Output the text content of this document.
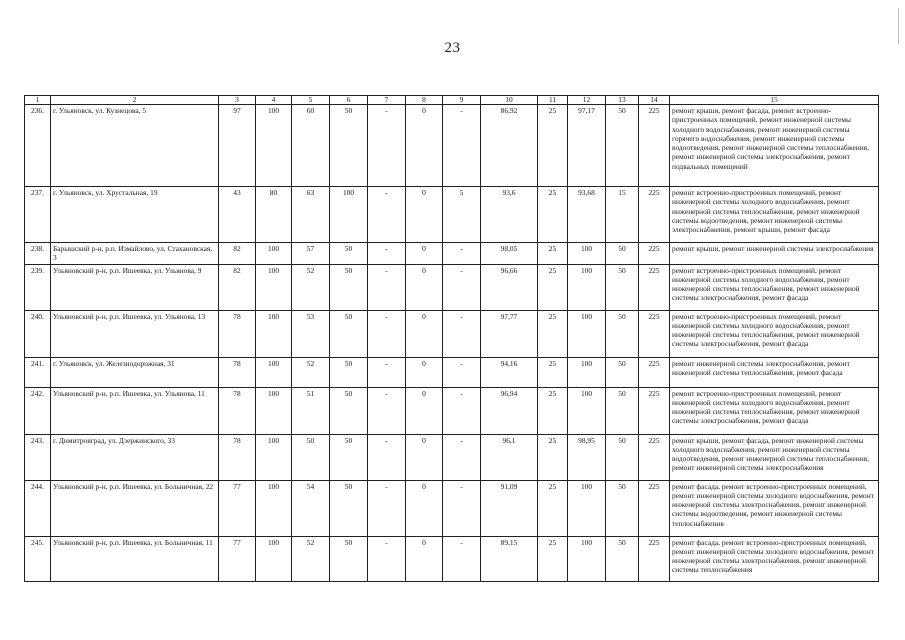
23
1	2	3	4	5	6	7	8	9	10	11	12	13	14	15
236.	г. Ульяновск, ул. Кузнецова, 5	97	100	60	50	-	0	-	86,92	25	97,17	50	225	ремонт крыши, ремонт фасада, ремонт встроенно-пристроенных помещений, ремонт инженерной системы холодного водоснабжения, ремонт инженерной системы горячего водоснабжения, ремонт инженерной системы водоотведения, ремонт инженерной системы теплоснабжения, ремонт инженерной системы электроснабжения, ремонт подвальных помещений
237.	г. Ульяновск, ул. Хрустальная, 19	43	80	63	100	-	0	5	93,6	25	93,68	15	225	ремонт встроенно-пристроенных помещений, ремонт инженерной системы холодного водоснабжения, ремонт инженерной системы теплоснабжения, ремонт инженерной системы водоотведения, ремонт инженерной системы электроснабжения, ремонт крыши, ремонт фасада
238.	Барышский р-н, р.п. Измайлово, ул. Стахановская, 3	82	100	57	50	-	0	-	98,05	25	100	50	225	ремонт крыши, ремонт инженерной системы электроснабжения
239.	Ульяновский р-н, р.п. Ишеевка, ул. Ульянова, 9	82	100	52	50	-	0	-	96,66	25	100	50	225	ремонт встроенно-пристроенных помещений, ремонт инженерной системы холодного водоснабжения, ремонт инженерной системы теплоснабжения, ремонт инженерной системы электроснабжения, ремонт фасада
240.	Ульяновский р-н, р.п. Ишеевка, ул. Ульянова, 13	78	100	53	50	-	0	-	97,77	25	100	50	225	ремонт встроенно-пристроенных помещений, ремонт инженерной системы холодного водоснабжения, ремонт инженерной системы теплоснабжения, ремонт инженерной системы электроснабжения, ремонт фасада
241.	г. Ульяновск, ул. Железнодорожная, 31	78	100	52	50	-	0	-	94,16	25	100	50	225	ремонт инженерной системы электроснабжения, ремонт инженерной системы теплоснабжения, ремонт фасада
242.	Ульяновский р-н, р.п. Ишеевка, ул. Ульянова, 11	78	100	51	50	-	0	-	96,94	25	100	50	225	ремонт встроенно-пристроенных помещений, ремонт инженерной системы холодного водоснабжения, ремонт инженерной системы теплоснабжения, ремонт инженерной системы электроснабжения, ремонт фасада
243.	г. Димитровград, ул. Дзержинского, 33	78	100	50	50	-	0	-	96,1	25	98,95	50	225	ремонт крыши, ремонт фасада, ремонт инженерной системы холодного водоснабжения, ремонт инженерной системы водоотведения, ремонт инженерной системы теплоснабжения, ремонт инженерной системы электроснабжения
244.	Ульяновский р-н, р.п. Ишеевка, ул. Больничная, 22	77	100	54	50	-	0	-	91,09	25	100	50	225	ремонт фасада, ремонт встроенно-пристроенных помещений, ремонт инженерной системы холодного водоснабжения, ремонт инженерной системы электроснабжения, ремонт инженерной системы водоотведения, ремонт инженерной системы теплоснабжения
245.	Ульяновский р-н, р.п. Ишеевка, ул. Больничная, 11	77	100	52	50	-	0	-	89,15	25	100	50	225	ремонт фасада, ремонт встроенно-пристроенных помещений, ремонт инженерной системы холодного водоснабжения, ремонт инженерной системы электроснабжения, ремонт инженерной системы теплоснабжения
